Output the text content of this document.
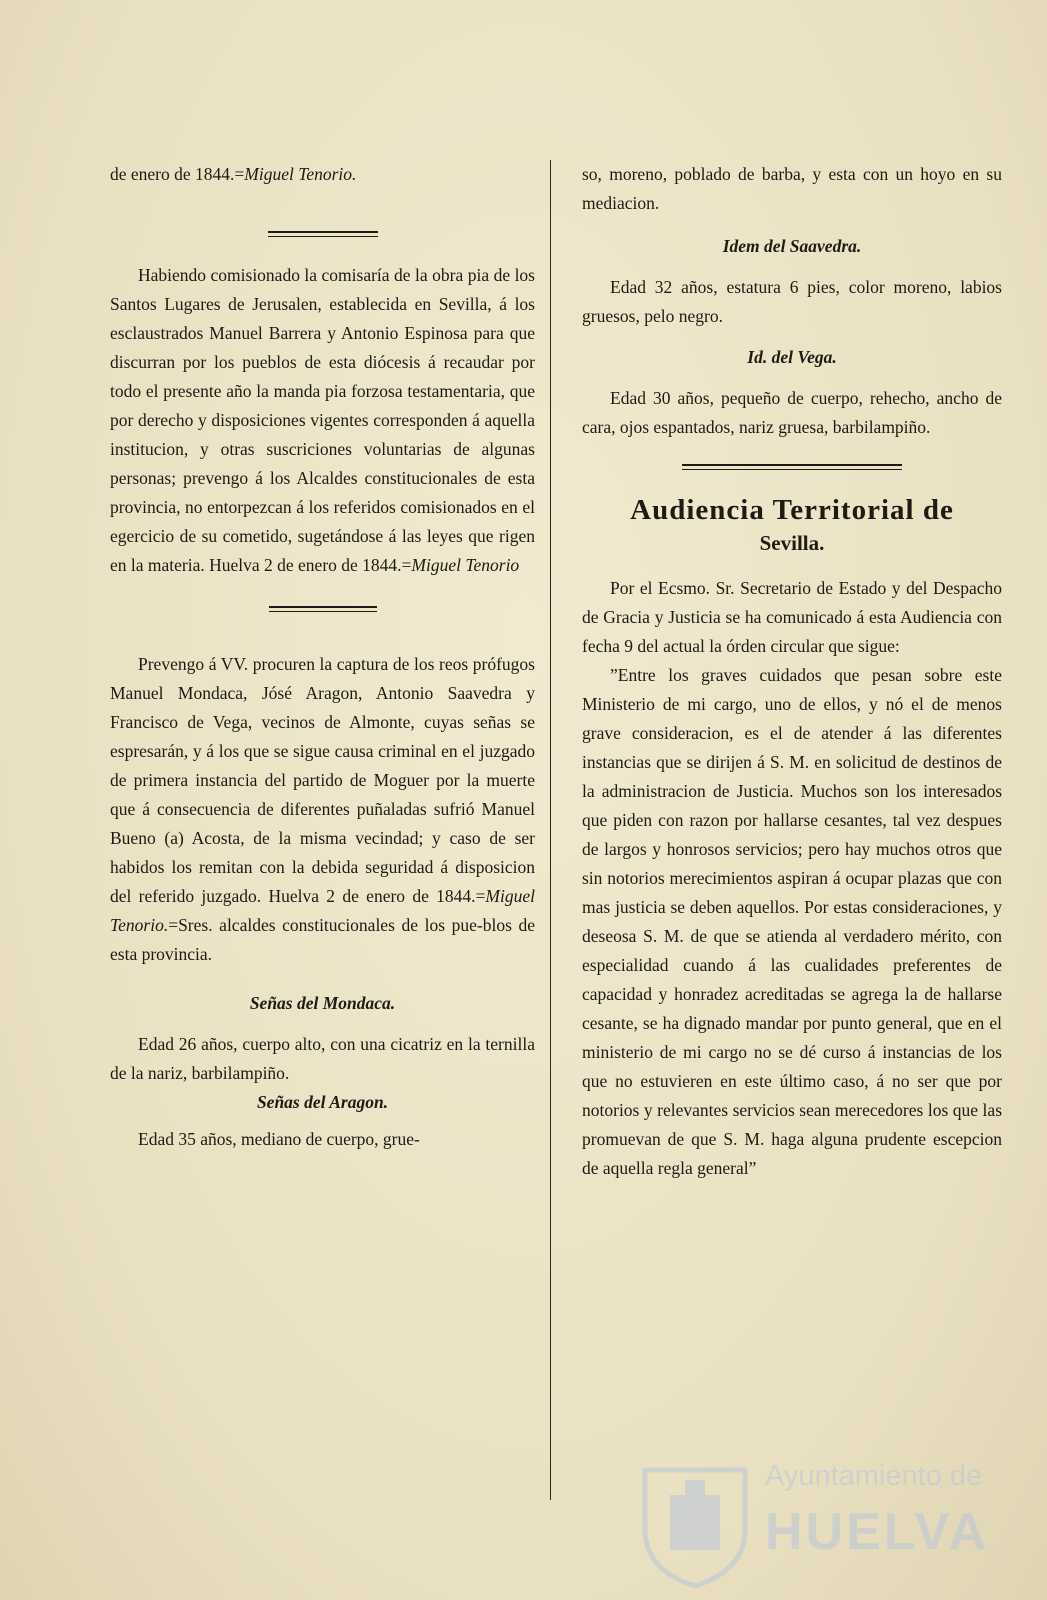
de enero de 1844.=Miguel Tenorio.

Habiendo comisionado la comisaría de la obra pia de los Santos Lugares de Jerusalen, establecida en Sevilla, á los esclaustrados Manuel Barrera y Antonio Espinosa para que discurran por los pueblos de esta diócesis á recaudar por todo el presente año la manda pia forzosa testamentaria, que por derecho y disposiciones vigentes corresponden á aquella institucion, y otras suscriciones voluntarias de algunas personas; prevengo á los Alcaldes constitucionales de esta provincia, no entorpezcan á los referidos comisionados en el egercicio de su cometido, sugetándose á las leyes que rigen en la materia. Huelva 2 de enero de 1844.=Miguel Tenorio

Prevengo á VV. procuren la captura de los reos prófugos Manuel Mondaca, Jósé Aragon, Antonio Saavedra y Francisco de Vega, vecinos de Almonte, cuyas señas se espresarán, y á los que se sigue causa criminal en el juzgado de primera instancia del partido de Moguer por la muerte que á consecuencia de diferentes puñaladas sufrió Manuel Bueno (a) Acosta, de la misma vecindad; y caso de ser habidos los remitan con la debida seguridad á disposicion del referido juzgado. Huelva 2 de enero de 1844.=Miguel Tenorio.=Sres. alcaldes constitucionales de los pue-blos de esta provincia.

Señas del Mondaca.

Edad 26 años, cuerpo alto, con una cicatriz en la ternilla de la nariz, barbilampiño.

Señas del Aragon.

Edad 35 años, mediano de cuerpo, grue-

so, moreno, poblado de barba, y esta con un hoyo en su mediacion.

Idem del Saavedra.

Edad 32 años, estatura 6 pies, color moreno, labios gruesos, pelo negro.

Id. del Vega.

Edad 30 años, pequeño de cuerpo, rehecho, ancho de cara, ojos espantados, nariz gruesa, barbilampiño.

Audiencia Territorial de
Sevilla.

Por el Ecsmo. Sr. Secretario de Estado y del Despacho de Gracia y Justicia se ha comunicado á esta Audiencia con fecha 9 del actual la órden circular que sigue:

”Entre los graves cuidados que pesan sobre este Ministerio de mi cargo, uno de ellos, y nó el de menos grave consideracion, es el de atender á las diferentes instancias que se dirijen á S. M. en solicitud de destinos de la administracion de Justicia. Muchos son los interesados que piden con razon por hallarse cesantes, tal vez despues de largos y honrosos servicios; pero hay muchos otros que sin notorios merecimientos aspiran á ocupar plazas que con mas justicia se deben aquellos. Por estas consideraciones, y deseosa S. M. de que se atienda al verdadero mérito, con especialidad cuando á las cualidades preferentes de capacidad y honradez acreditadas se agrega la de hallarse cesante, se ha dignado mandar por punto general, que en el ministerio de mi cargo no se dé curso á instancias de los que no estuvieren en este último caso, á no ser que por notorios y relevantes servicios sean merecedores los que las promuevan de que S. M. haga alguna prudente escepcion de aquella regla general”

Ayuntamiento de
HUELVA
